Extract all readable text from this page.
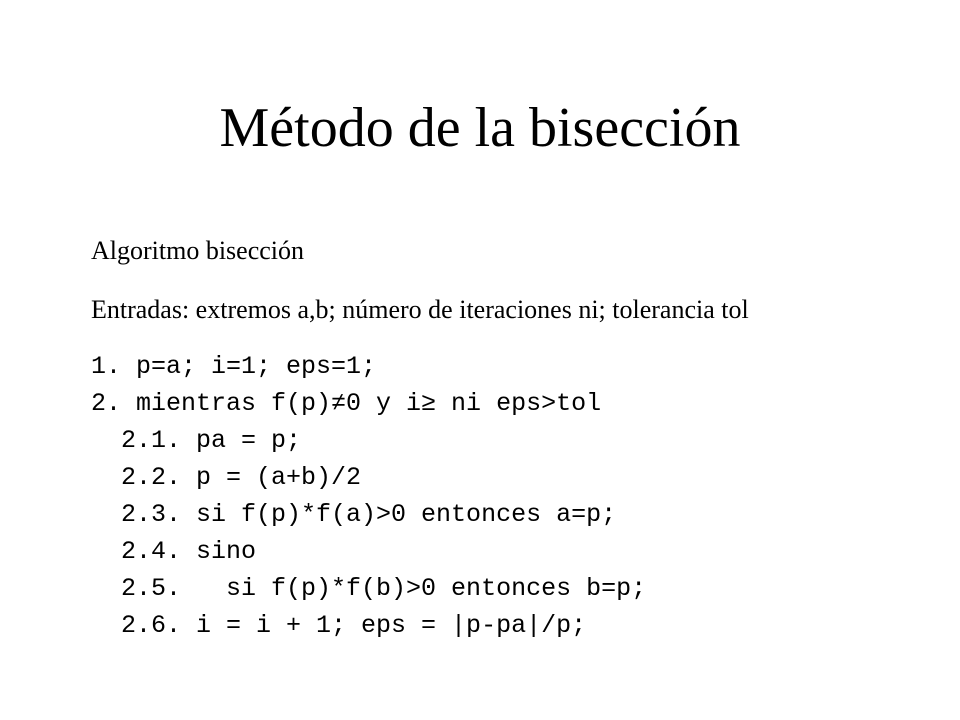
Método de la bisección
Algoritmo bisección
Entradas: extremos a,b; número de iteraciones ni; tolerancia tol
1. p=a; i=1; eps=1;
2. mientras f(p)≠0 y i≥ ni eps>tol
2.1. pa = p;
2.2. p = (a+b)/2
2.3. si f(p)*f(a)>0 entonces a=p;
2.4. sino
2.5.   si f(p)*f(b)>0 entonces b=p;
2.6. i = i + 1; eps = |p-pa|/p;
